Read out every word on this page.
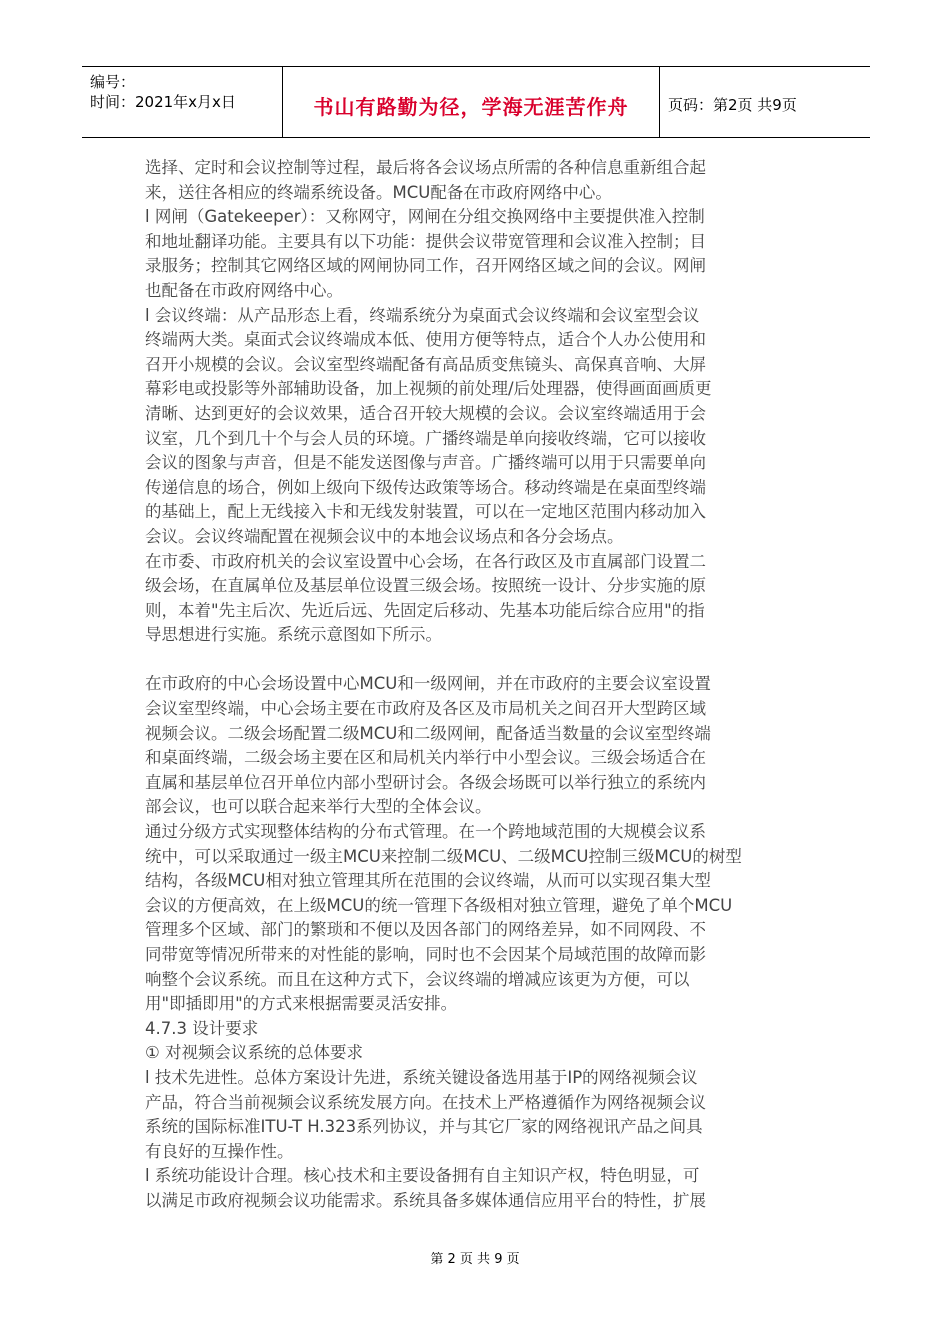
编号：
时间：2021年x月x日	书山有路勤为径，学海无涯苦作舟	页码：第2页 共9页
选择、定时和会议控制等过程，最后将各会议场点所需的各种信息重新组合起
来，送往各相应的终端系统设备。MCU配备在市政府网络中心。
l 网闸（Gatekeeper）：又称网守，网闸在分组交换网络中主要提供准入控制
和地址翻译功能。主要具有以下功能：提供会议带宽管理和会议准入控制；目
录服务；控制其它网络区域的网闸协同工作，召开网络区域之间的会议。网闸
也配备在市政府网络中心。
l 会议终端：从产品形态上看，终端系统分为桌面式会议终端和会议室型会议
终端两大类。桌面式会议终端成本低、使用方便等特点，适合个人办公使用和
召开小规模的会议。会议室型终端配备有高品质变焦镜头、高保真音响、大屏
幕彩电或投影等外部辅助设备，加上视频的前处理/后处理器，使得画面画质更
清晰、达到更好的会议效果，适合召开较大规模的会议。会议室终端适用于会
议室，几个到几十个与会人员的环境。广播终端是单向接收终端，它可以接收
会议的图象与声音，但是不能发送图像与声音。广播终端可以用于只需要单向
传递信息的场合，例如上级向下级传达政策等场合。移动终端是在桌面型终端
的基础上，配上无线接入卡和无线发射装置，可以在一定地区范围内移动加入
会议。会议终端配置在视频会议中的本地会议场点和各分会场点。
在市委、市政府机关的会议室设置中心会场，在各行政区及市直属部门设置二
级会场，在直属单位及基层单位设置三级会场。按照统一设计、分步实施的原
则，本着"先主后次、先近后远、先固定后移动、先基本功能后综合应用"的指
导思想进行实施。系统示意图如下所示。
在市政府的中心会场设置中心MCU和一级网闸，并在市政府的主要会议室设置
会议室型终端，中心会场主要在市政府及各区及市局机关之间召开大型跨区域
视频会议。二级会场配置二级MCU和二级网闸，配备适当数量的会议室型终端
和桌面终端，二级会场主要在区和局机关内举行中小型会议。三级会场适合在
直属和基层单位召开单位内部小型研讨会。各级会场既可以举行独立的系统内
部会议，也可以联合起来举行大型的全体会议。
通过分级方式实现整体结构的分布式管理。在一个跨地域范围的大规模会议系
统中，可以采取通过一级主MCU来控制二级MCU、二级MCU控制三级MCU的树型
结构，各级MCU相对独立管理其所在范围的会议终端，从而可以实现召集大型
会议的方便高效，在上级MCU的统一管理下各级相对独立管理，避免了单个MCU
管理多个区域、部门的繁琐和不便以及因各部门的网络差异，如不同网段、不
同带宽等情况所带来的对性能的影响，同时也不会因某个局域范围的故障而影
响整个会议系统。而且在这种方式下，会议终端的增减应该更为方便，可以
用"即插即用"的方式来根据需要灵活安排。
4.7.3 设计要求
① 对视频会议系统的总体要求
l 技术先进性。总体方案设计先进，系统关键设备选用基于IP的网络视频会议
产品，符合当前视频会议系统发展方向。在技术上严格遵循作为网络视频会议
系统的国际标准ITU-T H.323系列协议，并与其它厂家的网络视讯产品之间具
有良好的互操作性。
l 系统功能设计合理。核心技术和主要设备拥有自主知识产权，特色明显，可
以满足市政府视频会议功能需求。系统具备多媒体通信应用平台的特性，扩展
第 2 页 共 9 页
